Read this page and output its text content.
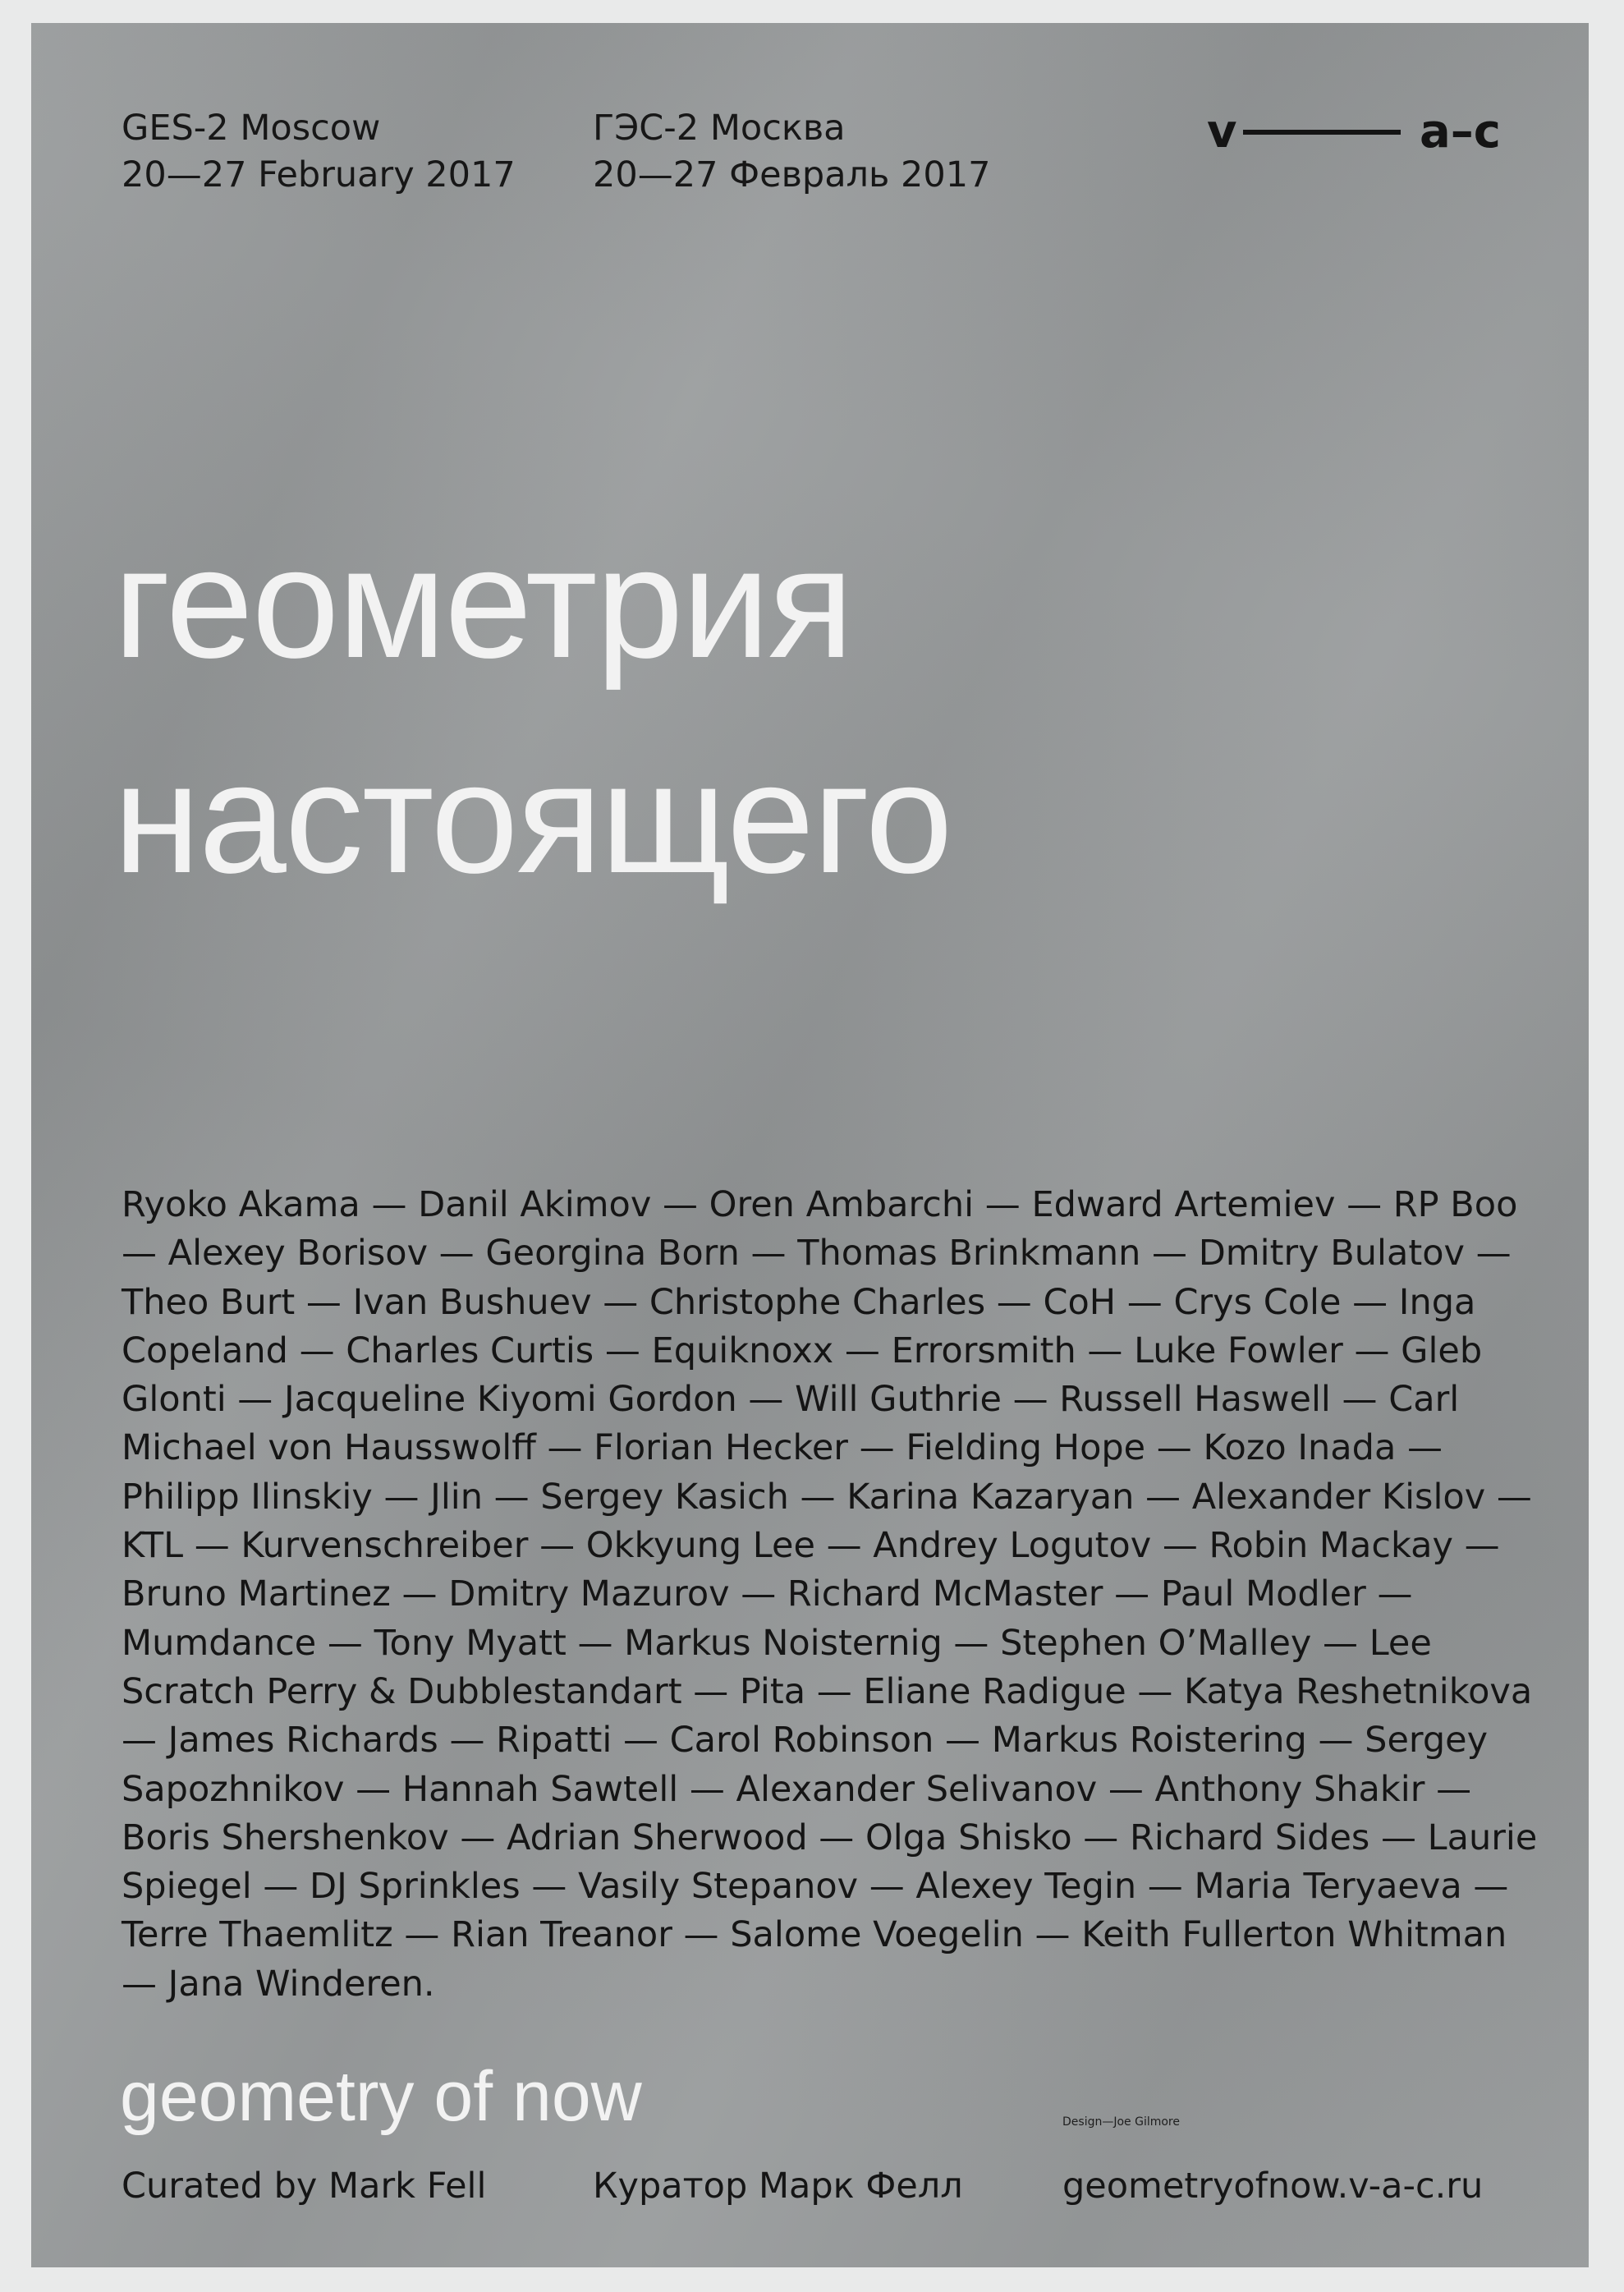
GES-2 Moscow
20—27 February 2017
ГЭС-2 Москва
20—27 Февраль 2017
v	a–c
геометрия
настоящего

Ryoko Akama — Danil Akimov — Oren Ambarchi — Edward Artemiev — RP Boo — Alexey Borisov — Georgina Born — Thomas Brinkmann — Dmitry Bulatov — Theo Burt — Ivan Bushuev — Christophe Charles — CoH — Crys Cole — Inga Copeland — Charles Curtis — Equiknoxx — Errorsmith — Luke Fowler — Gleb Glonti — Jacqueline Kiyomi Gordon — Will Guthrie — Russell Haswell — Carl Michael von Hausswolff — Florian Hecker — Fielding Hope — Kozo Inada — Philipp Ilinskiy — Jlin — Sergey Kasich — Karina Kazaryan — Alexander Kislov — KTL — Kurvenschreiber — Okkyung Lee — Andrey Logutov — Robin Mackay — Bruno Martinez — Dmitry Mazurov — Richard McMaster — Paul Modler — Mumdance — Tony Myatt — Markus Noisternig — Stephen O’Malley — Lee Scratch Perry & Dubblestandart — Pita — Eliane Radigue — Katya Reshetnikova — James Richards — Ripatti — Carol Robinson — Markus Roistering — Sergey Sapozhnikov — Hannah Sawtell — Alexander Selivanov — Anthony Shakir — Boris Shershenkov — Adrian Sherwood — Olga Shisko — Richard Sides — Laurie Spiegel — DJ Sprinkles — Vasily Stepanov — Alexey Tegin — Maria Teryaeva — Terre Thaemlitz — Rian Treanor — Salome Voegelin — Keith Fullerton Whitman — Jana Winderen.

geometry of now	Design—Joe Gilmore
Curated by Mark Fell	Куратор Марк Фелл	geometryofnow.v-a-c.ru
